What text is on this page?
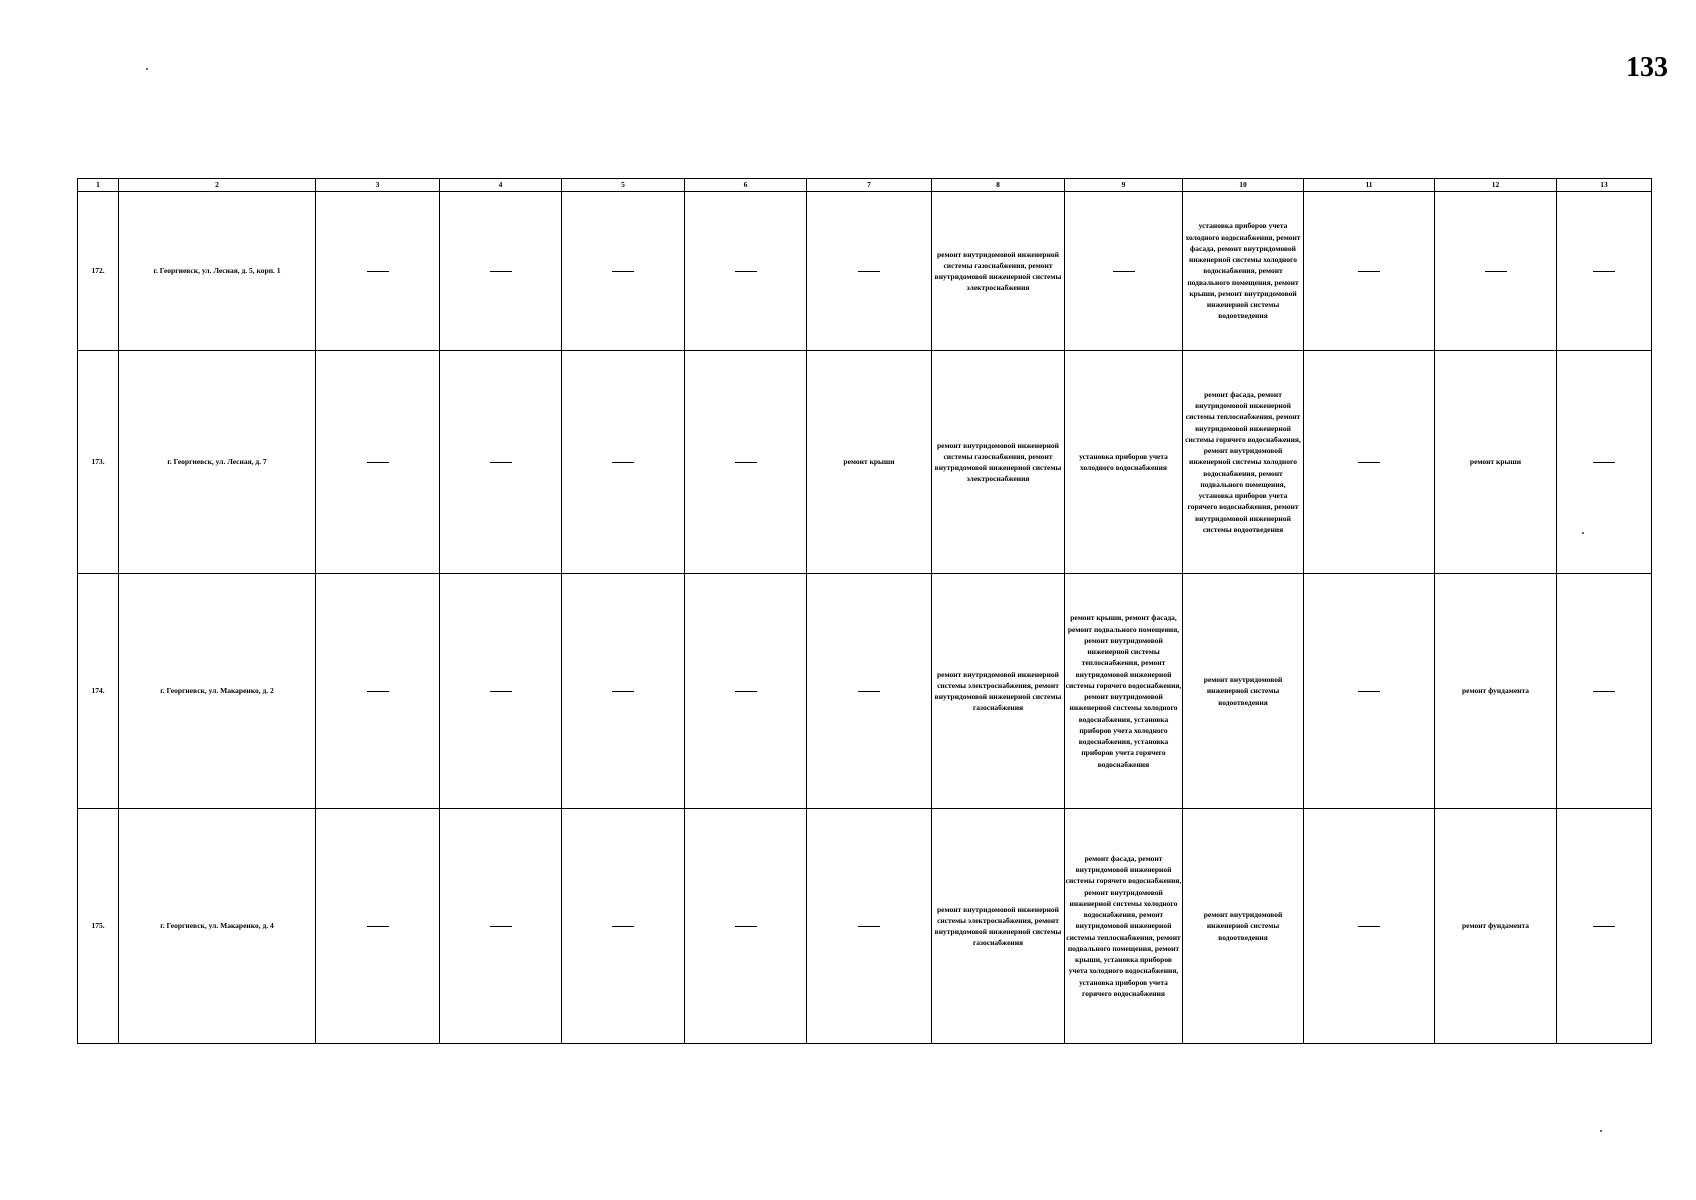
133
1	2	3	4	5	6	7	8	9	10	11	12	13
172.	г. Георгиевск, ул. Лесная, д. 5, корп. 1						ремонт внутридомовой инженерной системы газоснабжения, ремонт внутридомовой инженерной системы электроснабжения		установка приборов учета холодного водоснабжения, ремонт фасада, ремонт внутридомовой инженерной системы холодного водоснабжения, ремонт подвального помещения, ремонт крыши, ремонт внутридомовой инженерной системы водоотведения			
173.	г. Георгиевск, ул. Лесная, д. 7					ремонт крыши	ремонт внутридомовой инженерной системы газоснабжения, ремонт внутридомовой инженерной системы электроснабжения	установка приборов учета холодного водоснабжения	ремонт фасада, ремонт внутридомовой инженерной системы теплоснабжения, ремонт внутридомовой инженерной системы горячего водоснабжения, ремонт внутридомовой инженерной системы холодного водоснабжения, ремонт подвального помещения, установка приборов учета горячего водоснабжения, ремонт внутридомовой инженерной системы водоотведения		ремонт крыши	
174.	г. Георгиевск, ул. Макаренко, д. 2						ремонт внутридомовой инженерной системы электроснабжения, ремонт внутридомовой инженерной системы газоснабжения	ремонт крыши, ремонт фасада, ремонт подвального помещения, ремонт внутридомовой инженерной системы теплоснабжения, ремонт внутридомовой инженерной системы горячего водоснабжения, ремонт внутридомовой инженерной системы холодного водоснабжения, установка приборов учета холодного водоснабжения, установка приборов учета горячего водоснабжения	ремонт внутридомовой инженерной системы водоотведения		ремонт фундамента	
175.	г. Георгиевск, ул. Макаренко, д. 4						ремонт внутридомовой инженерной системы электроснабжения, ремонт внутридомовой инженерной системы газоснабжения	ремонт фасада, ремонт внутридомовой инженерной системы горячего водоснабжения, ремонт внутридомовой инженерной системы холодного водоснабжения, ремонт внутридомовой инженерной системы теплоснабжения, ремонт подвального помещения, ремонт крыши, установка приборов учета холодного водоснабжения, установка приборов учета горячего водоснабжения	ремонт внутридомовой инженерной системы водоотведения		ремонт фундамента	
